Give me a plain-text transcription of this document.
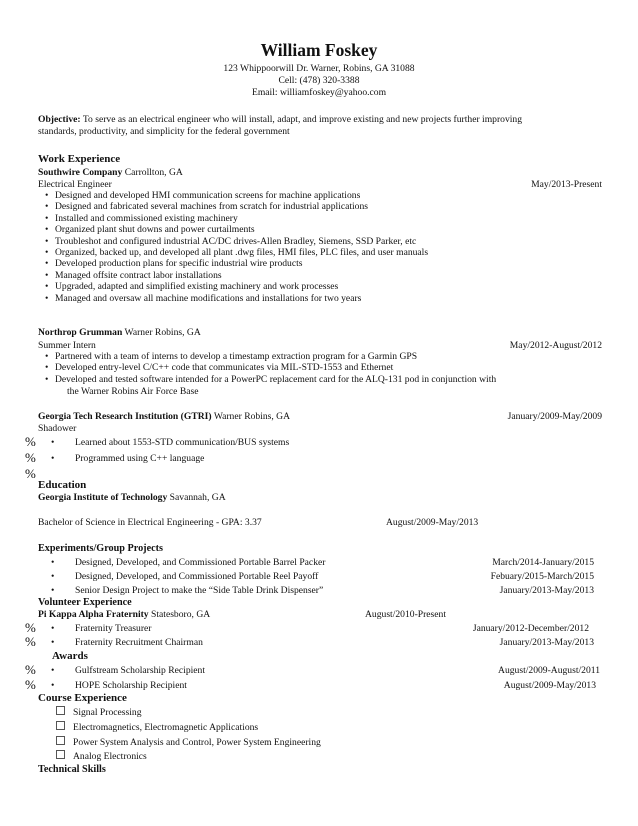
William Foskey
123 Whippoorwill Dr. Warner, Robins, GA 31088
Cell: (478) 320-3388
Email: williamfoskey@yahoo.com
Objective: To serve as an electrical engineer who will install, adapt, and improve existing and new projects further improving
standards, productivity, and simplicity for the federal government
Work Experience
Southwire Company Carrollton, GA
Electrical Engineer	May/2013-Present
• Designed and developed HMI communication screens for machine applications
• Designed and fabricated several machines from scratch for industrial applications
• Installed and commissioned existing machinery
• Organized plant shut downs and power curtailments
• Troubleshot and configured industrial AC/DC drives-Allen Bradley, Siemens, SSD Parker, etc
• Organized, backed up, and developed all plant .dwg files, HMI files, PLC files, and user manuals
• Developed production plans for specific industrial wire products
• Managed offsite contract labor installations
• Upgraded, adapted and simplified existing machinery and work processes
• Managed and oversaw all machine modifications and installations for two years
Northrop Grumman Warner Robins, GA
Summer Intern	May/2012-August/2012
• Partnered with a team of interns to develop a timestamp extraction program for a Garmin GPS
• Developed entry-level C/C++ code that communicates via MIL-STD-1553 and Ethernet
• Developed and tested software intended for a PowerPC replacement card for the ALQ-131 pod in conjunction with
the Warner Robins Air Force Base
Georgia Tech Research Institution (GTRI) Warner Robins, GA	January/2009-May/2009
Shadower
% • Learned about 1553-STD communication/BUS systems
% • Programmed using C++ language
%
Education
Georgia Institute of Technology Savannah, GA
Bachelor of Science in Electrical Engineering - GPA: 3.37	August/2009-May/2013
Experiments/Group Projects
• Designed, Developed, and Commissioned Portable Barrel Packer	March/2014-January/2015
• Designed, Developed, and Commissioned Portable Reel Payoff	Febuary/2015-March/2015
• Senior Design Project to make the “Side Table Drink Dispenser”	January/2013-May/2013
Volunteer Experience
Pi Kappa Alpha Fraternity Statesboro, GA	August/2010-Present
% • Fraternity Treasurer	January/2012-December/2012
% • Fraternity Recruitment Chairman	January/2013-May/2013
Awards
% • Gulfstream Scholarship Recipient	August/2009-August/2011
% • HOPE Scholarship Recipient	August/2009-May/2013
Course Experience
Signal Processing
Electromagnetics, Electromagnetic Applications
Power System Analysis and Control, Power System Engineering
Analog Electronics
Technical Skills
